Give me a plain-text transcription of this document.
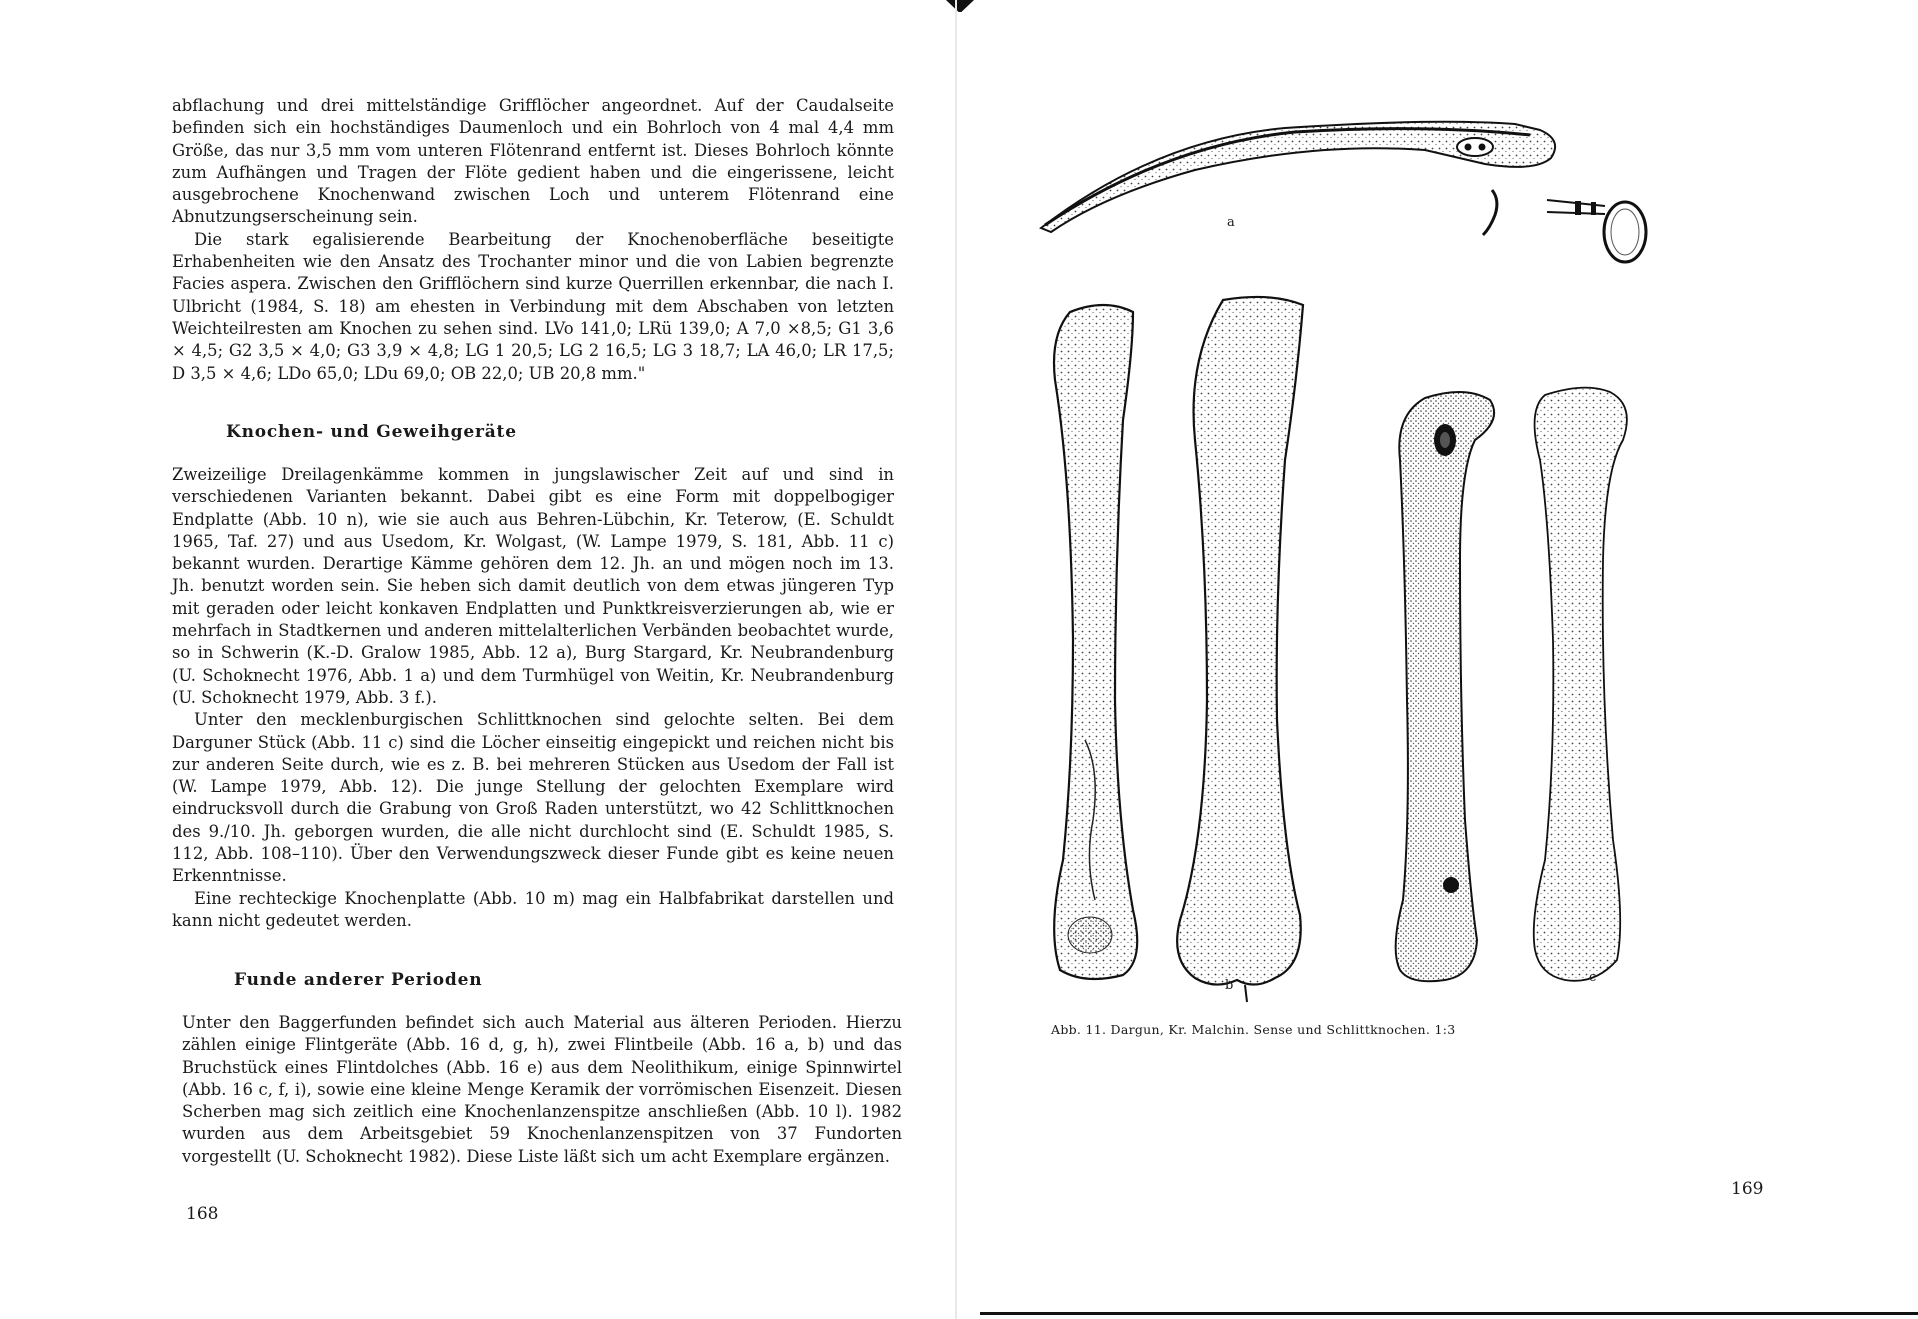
abflachung und drei mittelständige Grifflöcher angeordnet. Auf der Caudalseite befinden sich ein hochständiges Daumenloch und ein Bohrloch von 4 mal 4,4 mm Größe, das nur 3,5 mm vom unteren Flötenrand entfernt ist. Dieses Bohrloch könnte zum Aufhängen und Tragen der Flöte gedient haben und die eingerissene, leicht ausgebrochene Knochenwand zwischen Loch und unterem Flötenrand eine Abnutzungserscheinung sein.

Die stark egalisierende Bearbeitung der Knochenoberfläche beseitigte Erhabenheiten wie den Ansatz des Trochanter minor und die von Labien begrenzte Facies aspera. Zwischen den Grifflöchern sind kurze Querrillen erkennbar, die nach I. Ulbricht (1984, S. 18) am ehesten in Verbindung mit dem Abschaben von letzten Weichteilresten am Knochen zu sehen sind. LVo 141,0; LRü 139,0; A 7,0 ×8,5; G1 3,6 × 4,5; G2 3,5 × 4,0; G3 3,9 × 4,8; LG 1 20,5; LG 2 16,5; LG 3 18,7; LA 46,0; LR 17,5; D 3,5 × 4,6; LDo 65,0; LDu 69,0; OB 22,0; UB 20,8 mm."

Knochen- und Geweihgeräte

Zweizeilige Dreilagenkämme kommen in jungslawischer Zeit auf und sind in verschiedenen Varianten bekannt. Dabei gibt es eine Form mit doppelbogiger Endplatte (Abb. 10 n), wie sie auch aus Behren-Lübchin, Kr. Teterow, (E. Schuldt 1965, Taf. 27) und aus Usedom, Kr. Wolgast, (W. Lampe 1979, S. 181, Abb. 11 c) bekannt wurden. Derartige Kämme gehören dem 12. Jh. an und mögen noch im 13. Jh. benutzt worden sein. Sie heben sich damit deutlich von dem etwas jüngeren Typ mit geraden oder leicht konkaven Endplatten und Punktkreisverzierungen ab, wie er mehrfach in Stadtkernen und anderen mittelalterlichen Verbänden beobachtet wurde, so in Schwerin (K.-D. Gralow 1985, Abb. 12 a), Burg Stargard, Kr. Neubrandenburg (U. Schoknecht 1976, Abb. 1 a) und dem Turmhügel von Weitin, Kr. Neubrandenburg (U. Schoknecht 1979, Abb. 3 f.).

Unter den mecklenburgischen Schlittknochen sind gelochte selten. Bei dem Darguner Stück (Abb. 11 c) sind die Löcher einseitig eingepickt und reichen nicht bis zur anderen Seite durch, wie es z. B. bei mehreren Stücken aus Usedom der Fall ist (W. Lampe 1979, Abb. 12). Die junge Stellung der gelochten Exemplare wird eindrucksvoll durch die Grabung von Groß Raden unterstützt, wo 42 Schlittknochen des 9./10. Jh. geborgen wurden, die alle nicht durchlocht sind (E. Schuldt 1985, S. 112, Abb. 108–110). Über den Verwendungszweck dieser Funde gibt es keine neuen Erkenntnisse.

Eine rechteckige Knochenplatte (Abb. 10 m) mag ein Halbfabrikat darstellen und kann nicht gedeutet werden.

Funde anderer Perioden

Unter den Baggerfunden befindet sich auch Material aus älteren Perioden. Hierzu zählen einige Flintgeräte (Abb. 16 d, g, h), zwei Flintbeile (Abb. 16 a, b) und das Bruchstück eines Flintdolches (Abb. 16 e) aus dem Neolithikum, einige Spinnwirtel (Abb. 16 c, f, i), sowie eine kleine Menge Keramik der vorrömischen Eisenzeit. Diesen Scherben mag sich zeitlich eine Knochenlanzenspitze anschließen (Abb. 10 l). 1982 wurden aus dem Arbeitsgebiet 59 Knochenlanzenspitzen von 37 Fundorten vorgestellt (U. Schoknecht 1982). Diese Liste läßt sich um acht Exemplare ergänzen.

168
a
b
c
Abb. 11. Dargun, Kr. Malchin. Sense und Schlittknochen. 1:3
169
